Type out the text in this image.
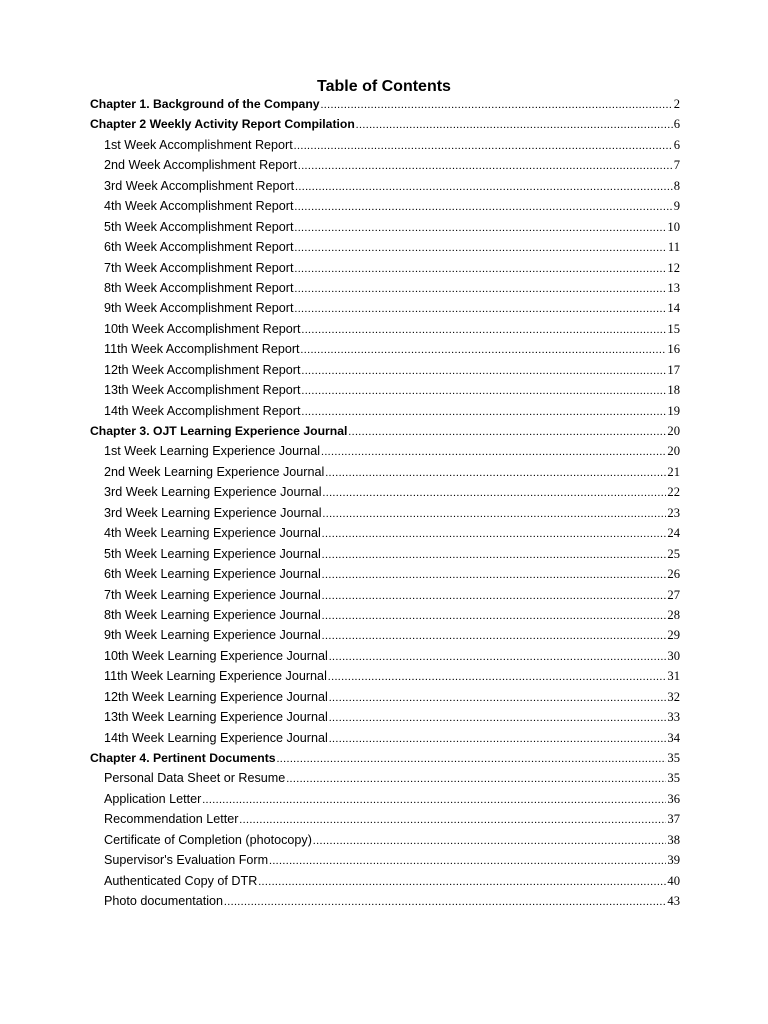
Table of Contents
Chapter 1. Background of the Company .....	2
Chapter 2 Weekly Activity Report Compilation .....	6
1st Week Accomplishment Report .....	6
2nd Week Accomplishment Report .....	7
3rd Week Accomplishment Report .....	8
4th Week Accomplishment Report .....	9
5th Week Accomplishment Report .....	10
6th Week Accomplishment Report .....	11
7th Week Accomplishment Report .....	12
8th Week Accomplishment Report .....	13
9th Week Accomplishment Report .....	14
10th Week Accomplishment Report .....	15
11th Week Accomplishment Report .....	16
12th Week Accomplishment Report .....	17
13th Week Accomplishment Report .....	18
14th Week Accomplishment Report .....	19
Chapter 3. OJT Learning Experience Journal .....	20
1st Week Learning Experience Journal .....	20
2nd Week Learning Experience Journal .....	21
3rd Week Learning Experience Journal .....	22
3rd Week Learning Experience Journal .....	23
4th Week Learning Experience Journal .....	24
5th Week Learning Experience Journal .....	25
6th Week Learning Experience Journal .....	26
7th Week Learning Experience Journal .....	27
8th Week Learning Experience Journal .....	28
9th Week Learning Experience Journal .....	29
10th Week Learning Experience Journal .....	30
11th Week Learning Experience Journal .....	31
12th Week Learning Experience Journal .....	32
13th Week Learning Experience Journal .....	33
14th Week Learning Experience Journal .....	34
Chapter 4. Pertinent Documents .....	35
Personal Data Sheet or Resume .....	35
Application Letter .....	36
Recommendation Letter .....	37
Certificate of Completion (photocopy) .....	38
Supervisor's Evaluation Form .....	39
Authenticated Copy of DTR .....	40
Photo documentation .....	43
